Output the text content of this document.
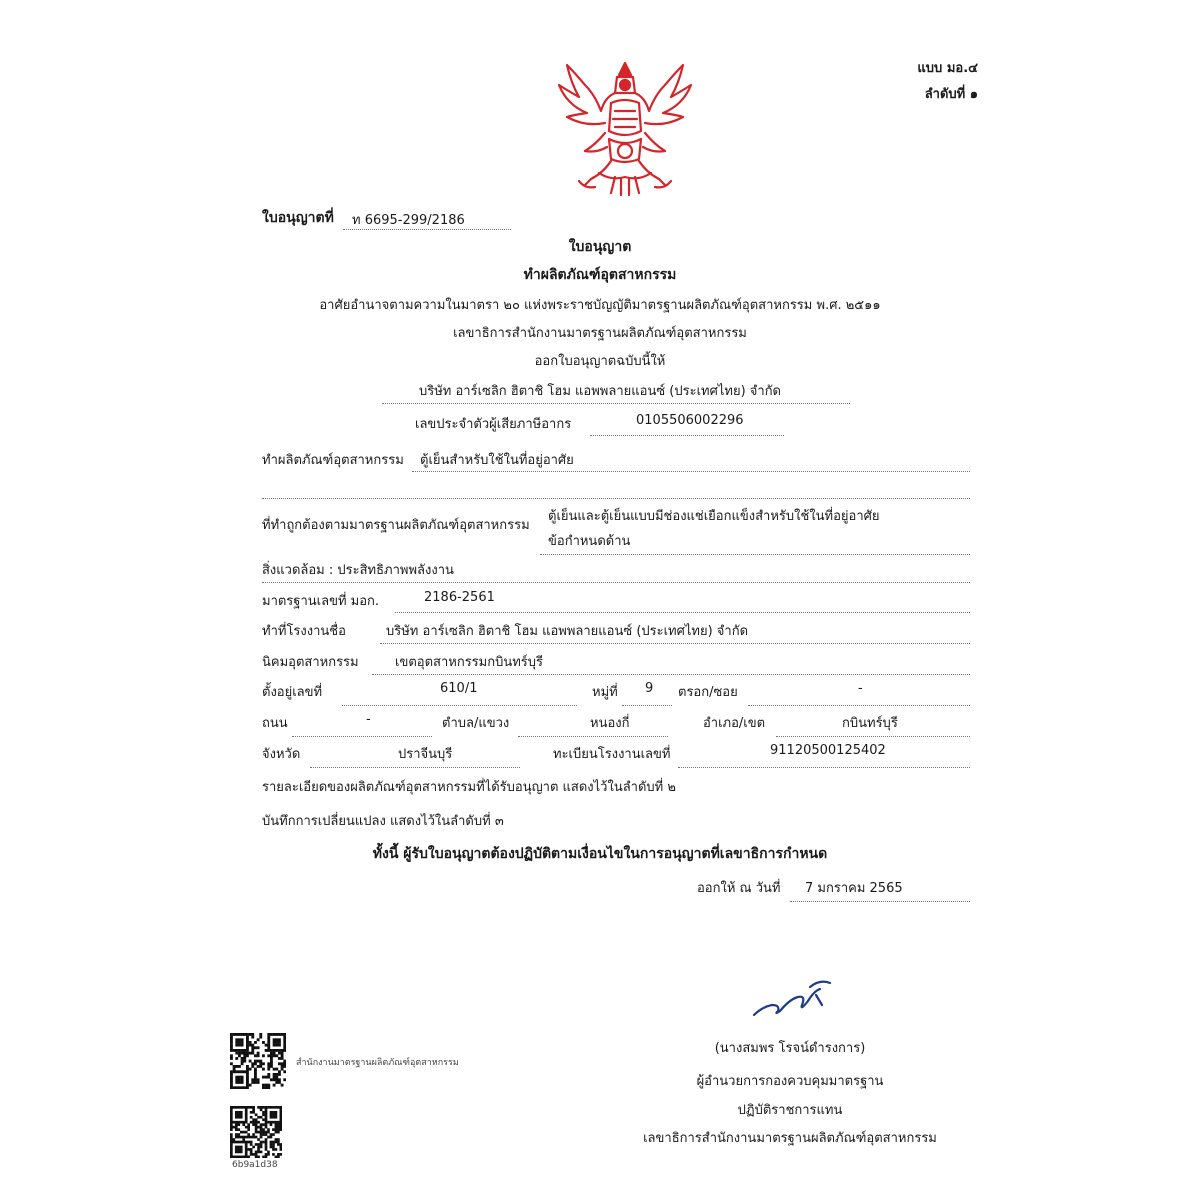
แบบ มอ.๔
ลำดับที่ ๑
ใบอนุญาตที่ ท 6695-299/2186
ใบอนุญาต
ทำผลิตภัณฑ์อุตสาหกรรม
อาศัยอำนาจตามความในมาตรา ๒๐ แห่งพระราชบัญญัติมาตรฐานผลิตภัณฑ์อุตสาหกรรม พ.ศ. ๒๕๑๑
เลขาธิการสำนักงานมาตรฐานผลิตภัณฑ์อุตสาหกรรม
ออกใบอนุญาตฉบับนี้ให้
บริษัท อาร์เซลิก ฮิตาชิ โฮม แอพพลายแอนซ์ (ประเทศไทย) จำกัด
เลขประจำตัวผู้เสียภาษีอากร	0105506002296
ทำผลิตภัณฑ์อุตสาหกรรม ตู้เย็นสำหรับใช้ในที่อยู่อาศัย
ที่ทำถูกต้องตามมาตรฐานผลิตภัณฑ์อุตสาหกรรม
ตู้เย็นและตู้เย็นแบบมีช่องแช่เยือกแข็งสำหรับใช้ในที่อยู่อาศัย
ข้อกำหนดด้าน
สิ่งแวดล้อม : ประสิทธิภาพพลังงาน
มาตรฐานเลขที่ มอก.	2186-2561
ทำที่โรงงานชื่อ	บริษัท อาร์เซลิก ฮิตาชิ โฮม แอพพลายแอนซ์ (ประเทศไทย) จำกัด
นิคมอุตสาหกรรม	เขตอุตสาหกรรมกบินทร์บุรี
ตั้งอยู่เลขที่	610/1	หมู่ที่ 9 ตรอก/ซอย	-
ถนน	-	ตำบล/แขวง	หนองกี่	อำเภอ/เขต	กบินทร์บุรี
จังหวัด	ปราจีนบุรี	ทะเบียนโรงงานเลขที่	91120500125402
รายละเอียดของผลิตภัณฑ์อุตสาหกรรมที่ได้รับอนุญาต แสดงไว้ในลำดับที่ ๒
บันทึกการเปลี่ยนแปลง แสดงไว้ในลำดับที่ ๓
ทั้งนี้ ผู้รับใบอนุญาตต้องปฏิบัติตามเงื่อนไขในการอนุญาตที่เลขาธิการกำหนด
ออกให้ ณ วันที่ 7 มกราคม 2565
(นางสมพร โรจน์ดำรงการ)
ผู้อำนวยการกองควบคุมมาตรฐาน
ปฏิบัติราชการแทน
เลขาธิการสำนักงานมาตรฐานผลิตภัณฑ์อุตสาหกรรม
สำนักงานมาตรฐานผลิตภัณฑ์อุตสาหกรรม
6b9a1d38
